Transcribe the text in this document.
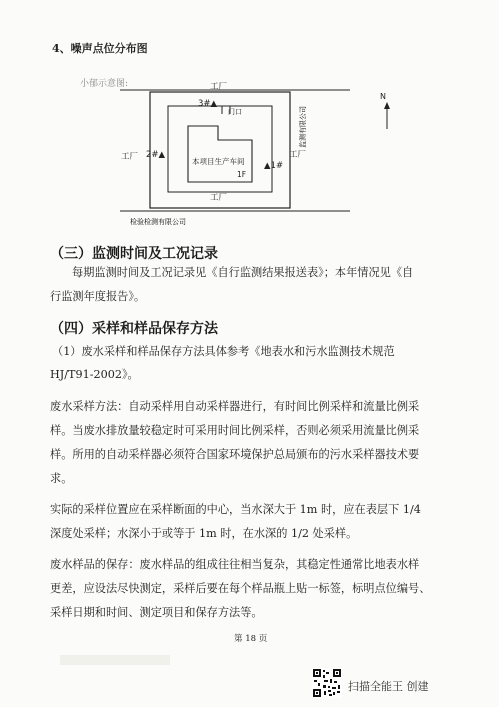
4、噪声点位分布图
小郁示意图:
监测有限公司
检验检测有限公司
工厂
工厂
工厂	工厂
本项目生产车间
1F
门口
3#▲
2#▲
▲1#
N
（三）监测时间及工况记录
每期监测时间及工况记录见《自行监测结果报送表》；本年情况见《自
行监测年度报告》。
（四）采样和样品保存方法
（1）废水采样和样品保存方法具体参考《地表水和污水监测技术规范
HJ/T91-2002》。
废水采样方法：自动采样用自动采样器进行，有时间比例采样和流量比例采
样。当废水排放量较稳定时可采用时间比例采样，否则必须采用流量比例采
样。所用的自动采样器必须符合国家环境保护总局颁布的污水采样器技术要
求。
实际的采样位置应在采样断面的中心，当水深大于 1m 时，应在表层下 1/4
深度处采样；水深小于或等于 1m 时，在水深的 1/2 处采样。
废水样品的保存：废水样品的组成往往相当复杂，其稳定性通常比地表水样
更差，应设法尽快测定，采样后要在每个样品瓶上贴一标签，标明点位编号、
采样日期和时间、测定项目和保存方法等。
第 18 页
扫描全能王 创建
